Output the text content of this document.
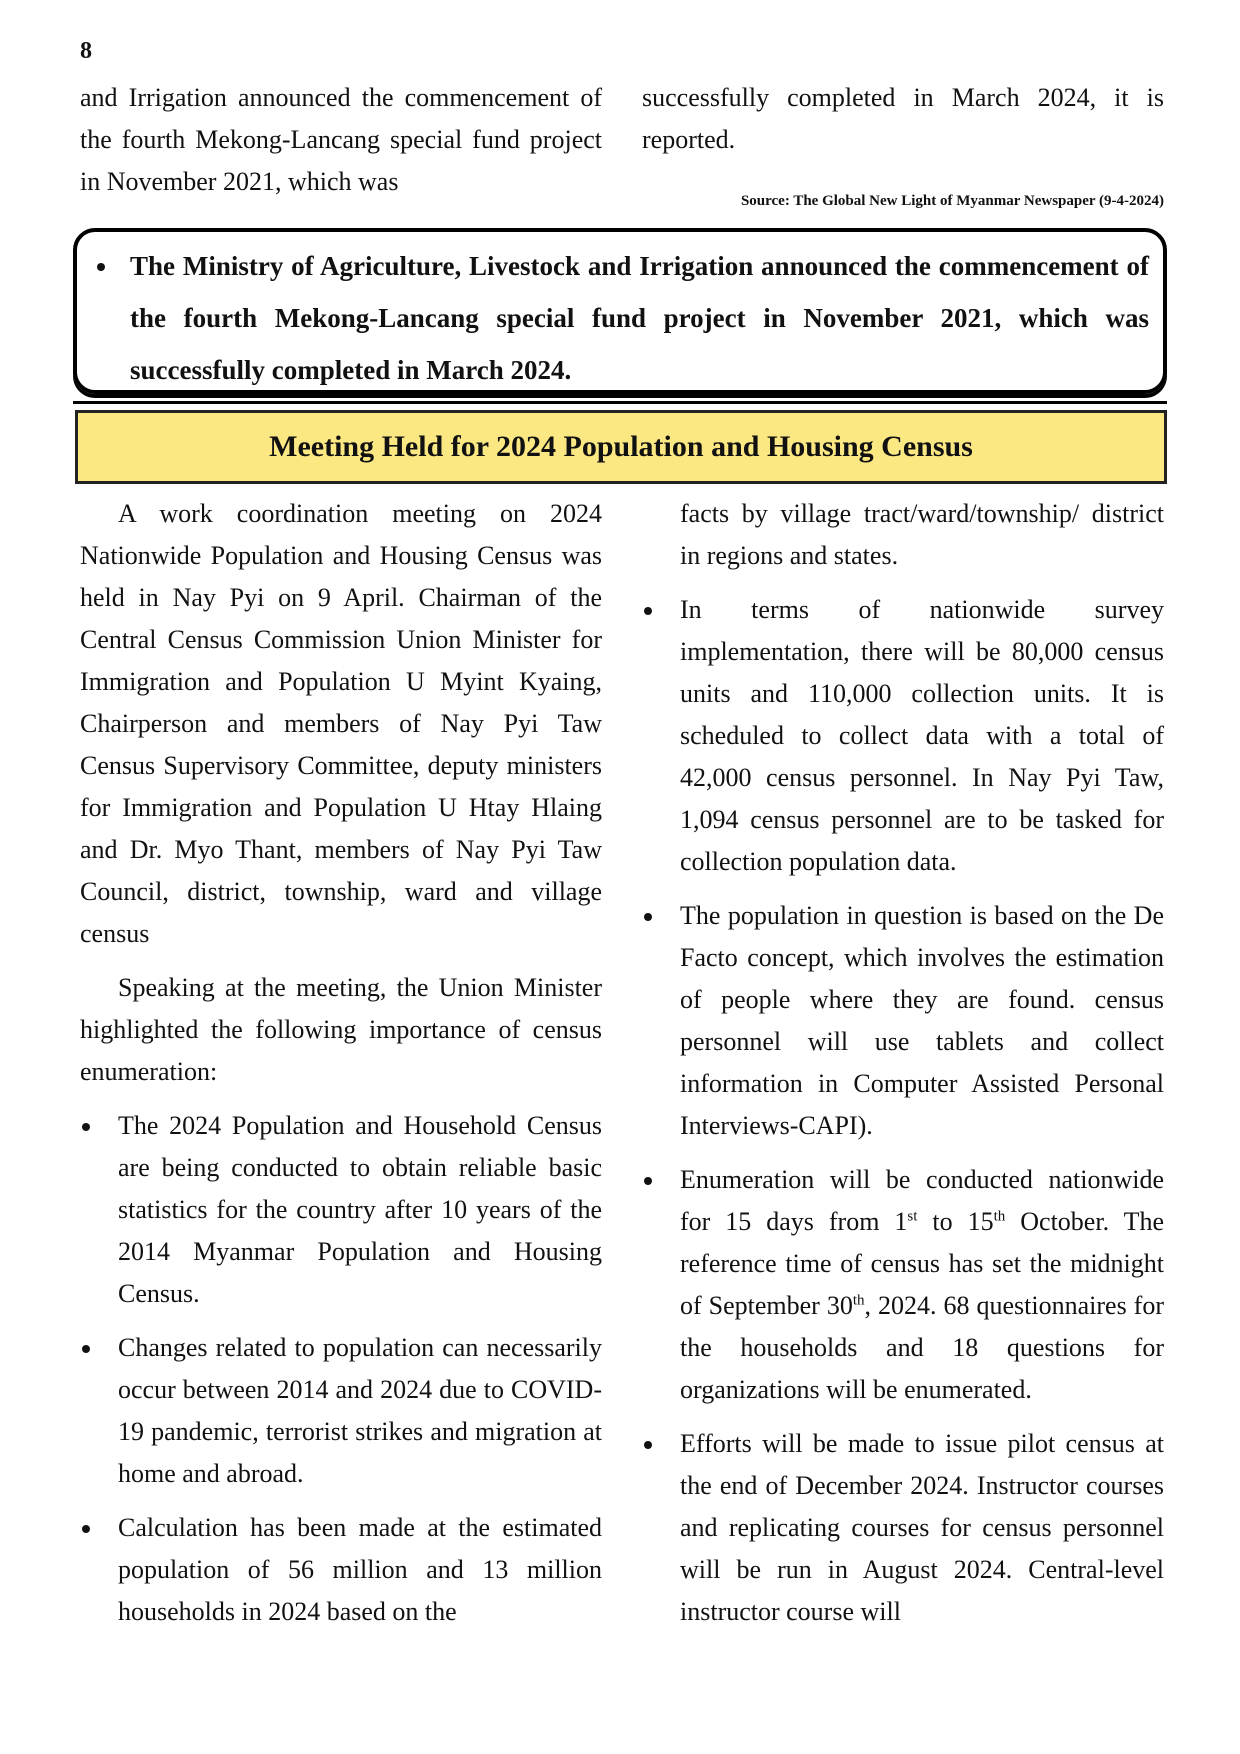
8

and Irrigation announced the commencement of the fourth Mekong-Lancang special fund project in November 2021, which was

successfully completed in March 2024, it is reported.

Source: The Global New Light of Myanmar Newspaper (9-4-2024)
The Ministry of Agriculture, Livestock and Irrigation announced the commencement of the fourth Mekong-Lancang special fund project in November 2021, which was successfully completed in March 2024.
Meeting Held for 2024 Population and Housing Census

A work coordination meeting on 2024 Nationwide Population and Housing Census was held in Nay Pyi on 9 April. Chairman of the Central Census Commission Union Minister for Immigration and Population U Myint Kyaing, Chairperson and members of Nay Pyi Taw Census Supervisory Committee, deputy ministers for Immigration and Population U Htay Hlaing and Dr. Myo Thant, members of Nay Pyi Taw Council, district, township, ward and village census

Speaking at the meeting, the Union Minister highlighted the following importance of census enumeration:

The 2024 Population and Household Census are being conducted to obtain reliable basic statistics for the country after 10 years of the 2014 Myanmar Population and Housing Census.
Changes related to population can necessarily occur between 2014 and 2024 due to COVID-19 pandemic, terrorist strikes and migration at home and abroad.
Calculation has been made at the estimated population of 56 million and 13 million households in 2024 based on the

facts by village tract/ward/township/ district in regions and states.

In terms of nationwide survey implementation, there will be 80,000 census units and 110,000 collection units. It is scheduled to collect data with a total of 42,000 census personnel. In Nay Pyi Taw, 1,094 census personnel are to be tasked for collection population data.
The population in question is based on the De Facto concept, which involves the estimation of people where they are found. census personnel will use tablets and collect information in Computer Assisted Personal Interviews-CAPI).
Enumeration will be conducted nationwide for 15 days from 1st to 15th October. The reference time of census has set the midnight of September 30th, 2024. 68 questionnaires for the households and 18 questions for organizations will be enumerated.
Efforts will be made to issue pilot census at the end of December 2024. Instructor courses and replicating courses for census personnel will be run in August 2024. Central-level instructor course will
